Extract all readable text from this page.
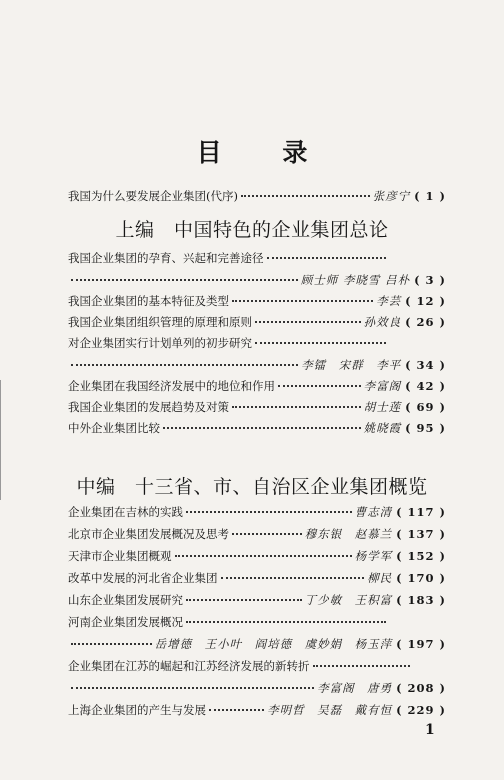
目 录
我国为什么要发展企业集团(代序)	张彦宁 ( 1 )
上编　中国特色的企业集团总论
我国企业集团的孕育、兴起和完善途径
顾士师 李晓雪 吕朴 ( 3 )
我国企业集团的基本特征及类型	李芸 ( 12 )
我国企业集团组织管理的原理和原则	孙效良 ( 26 )
对企业集团实行计划单列的初步研究
李镭　宋群　李平 ( 34 )
企业集团在我国经济发展中的地位和作用	李富阁 ( 42 )
我国企业集团的发展趋势及对策	胡士莲 ( 69 )
中外企业集团比较	姚晓霞 ( 95 )
中编　十三省、市、自治区企业集团概览
企业集团在吉林的实践	曹志清 ( 117 )
北京市企业集团发展概况及思考	穆东银　赵慕兰 ( 137 )
天津市企业集团概观	杨学军 ( 152 )
改革中发展的河北省企业集团	柳民 ( 170 )
山东企业集团发展研究	丁少敏　王积富 ( 183 )
河南企业集团发展概况
岳增德　王小叶　阎培德　虞妙娟　杨玉萍 ( 197 )
企业集团在江苏的崛起和江苏经济发展的新转折
李富阁　唐勇 ( 208 )
上海企业集团的产生与发展	李明哲　吴磊　戴有恒 ( 229 )
1
